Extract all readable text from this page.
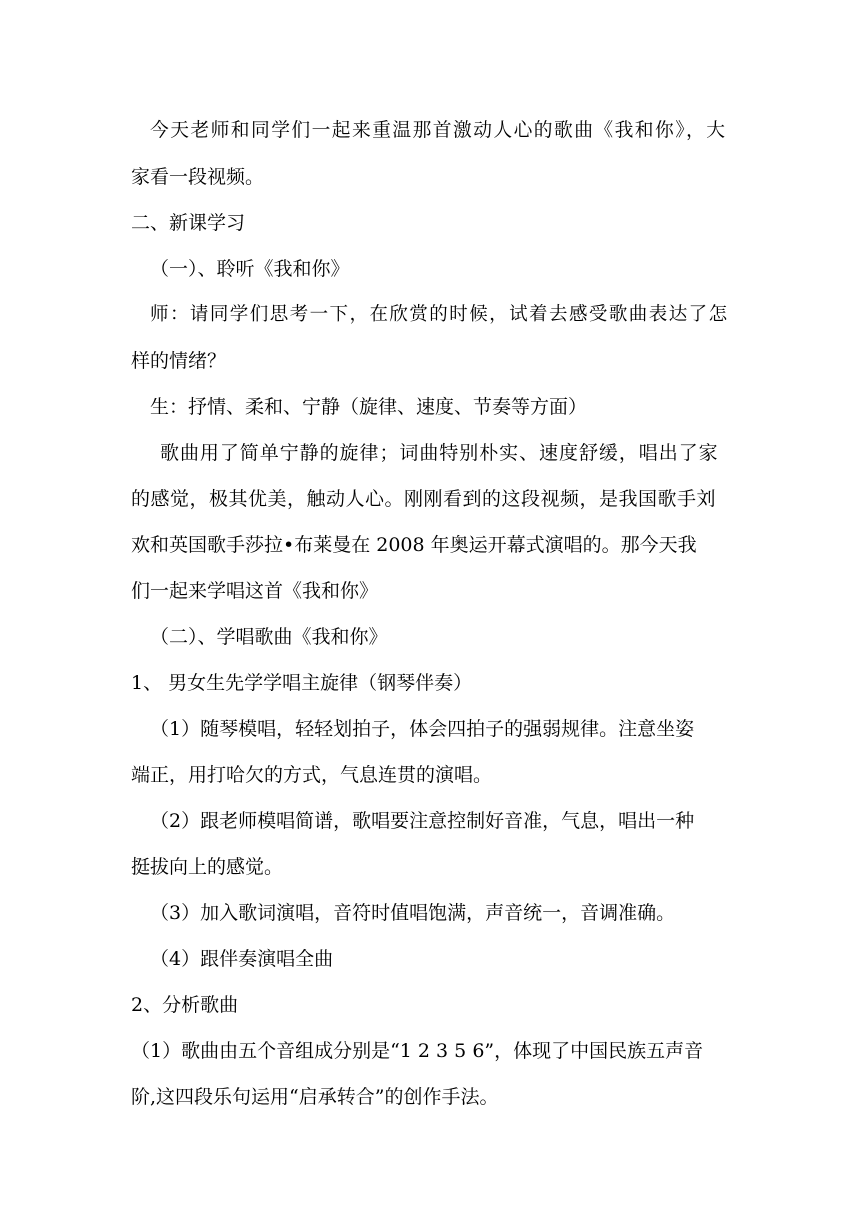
今天老师和同学们一起来重温那首激动人心的歌曲《我和你》，大
家看一段视频。
二、新课学习
（一）、聆听《我和你》
师：请同学们思考一下，在欣赏的时候，试着去感受歌曲表达了怎
样的情绪？
生：抒情、柔和、宁静（旋律、速度、节奏等方面）
歌曲用了简单宁静的旋律；词曲特别朴实、速度舒缓，唱出了家
的感觉，极其优美，触动人心。刚刚看到的这段视频，是我国歌手刘
欢和英国歌手莎拉•布莱曼在 2008 年奥运开幕式演唱的。那今天我
们一起来学唱这首《我和你》
（二）、学唱歌曲《我和你》
1、 男女生先学学唱主旋律（钢琴伴奏）
（1）随琴模唱，轻轻划拍子，体会四拍子的强弱规律。注意坐姿
端正，用打哈欠的方式，气息连贯的演唱。
（2）跟老师模唱简谱，歌唱要注意控制好音准，气息，唱出一种
挺拔向上的感觉。
（3）加入歌词演唱，音符时值唱饱满，声音统一，音调准确。
（4）跟伴奏演唱全曲
2、分析歌曲
（1）歌曲由五个音组成分别是“1 2 3 5 6”，体现了中国民族五声音
阶,这四段乐句运用“启承转合”的创作手法。
